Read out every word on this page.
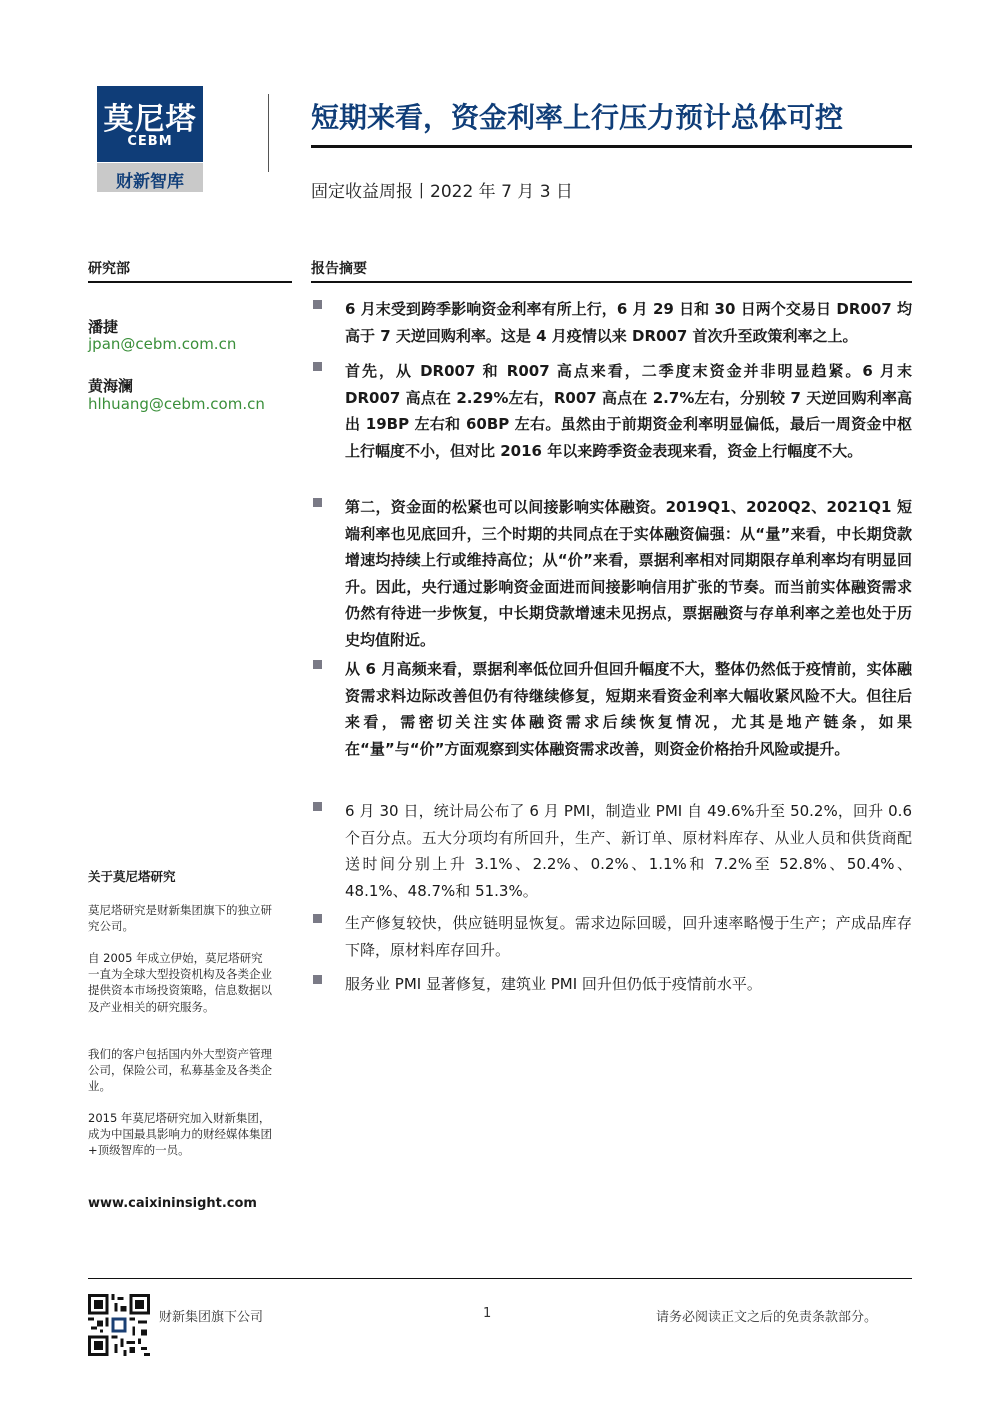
莫尼塔
CEBM
财新智库
短期来看，资金利率上行压力预计总体可控
固定收益周报丨2022 年 7 月 3 日
研究部	报告摘要
潘捷
jpan@cebm.com.cn
黄海澜
hlhuang@cebm.com.cn
关于莫尼塔研究
莫尼塔研究是财新集团旗下的独立研究公司。
自 2005 年成立伊始，莫尼塔研究一直为全球大型投资机构及各类企业提供资本市场投资策略，信息数据以及产业相关的研究服务。
我们的客户包括国内外大型资产管理公司，保险公司，私募基金及各类企业。
2015 年莫尼塔研究加入财新集团，成为中国最具影响力的财经媒体集团+顶级智库的一员。
www.caixininsight.com
6 月末受到跨季影响资金利率有所上行，6 月 29 日和 30 日两个交易日 DR007 均高于 7 天逆回购利率。这是 4 月疫情以来 DR007 首次升至政策利率之上。
首先，从 DR007 和 R007 高点来看，二季度末资金并非明显趋紧。6 月末 DR007 高点在 2.29%左右，R007 高点在 2.7%左右，分别较 7 天逆回购利率高出 19BP 左右和 60BP 左右。虽然由于前期资金利率明显偏低，最后一周资金中枢上行幅度不小，但对比 2016 年以来跨季资金表现来看，资金上行幅度不大。
第二，资金面的松紧也可以间接影响实体融资。2019Q1、2020Q2、2021Q1 短端利率也见底回升，三个时期的共同点在于实体融资偏强：从“量”来看，中长期贷款增速均持续上行或维持高位；从“价”来看，票据利率相对同期限存单利率均有明显回升。因此，央行通过影响资金面进而间接影响信用扩张的节奏。而当前实体融资需求仍然有待进一步恢复，中长期贷款增速未见拐点，票据融资与存单利率之差也处于历史均值附近。
从 6 月高频来看，票据利率低位回升但回升幅度不大，整体仍然低于疫情前，实体融资需求料边际改善但仍有待继续修复，短期来看资金利率大幅收紧风险不大。但往后来看，需密切关注实体融资需求后续恢复情况，尤其是地产链条，如果在“量”与“价”方面观察到实体融资需求改善，则资金价格抬升风险或提升。
6 月 30 日，统计局公布了 6 月 PMI，制造业 PMI 自 49.6%升至 50.2%，回升 0.6 个百分点。五大分项均有所回升，生产、新订单、原材料库存、从业人员和供货商配送时间分别上升 3.1%、2.2%、0.2%、1.1%和 7.2%至 52.8%、50.4%、48.1%、48.7%和 51.3%。
生产修复较快，供应链明显恢复。需求边际回暖，回升速率略慢于生产；产成品库存下降，原材料库存回升。
服务业 PMI 显著修复，建筑业 PMI 回升但仍低于疫情前水平。
财新集团旗下公司	1	请务必阅读正文之后的免责条款部分。
